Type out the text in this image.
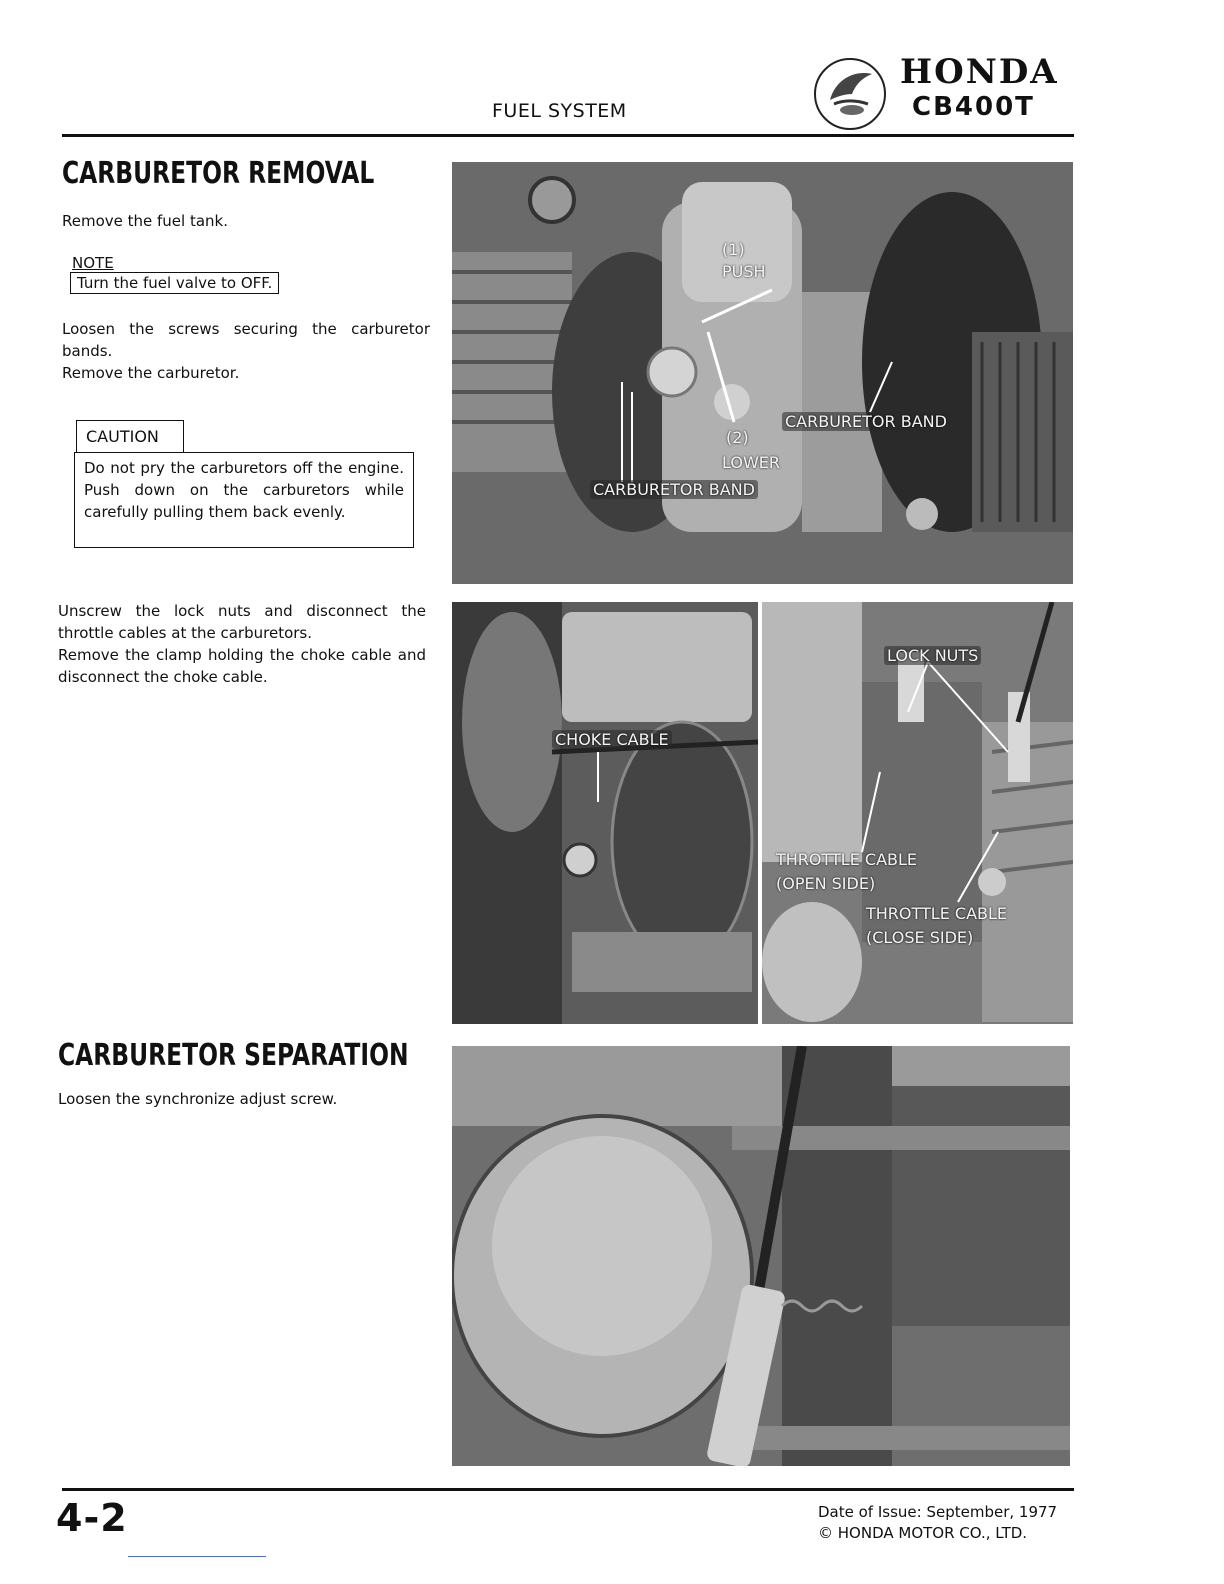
FUEL SYSTEM
HONDA
CB400T
CARBURETOR REMOVAL
Remove the fuel tank.
NOTE
Turn the fuel valve to OFF.
Loosen the screws securing the carburetor bands.
Remove the carburetor.
CAUTION
Do not pry the carburetors off the engine. Push down on the carburetors while carefully pulling them back evenly.
Unscrew the lock nuts and disconnect the throttle cables at the carburetors.
Remove the clamp holding the choke cable and disconnect the choke cable.
(1)
PUSH
CARBURETOR BAND
(2)
LOWER
CARBURETOR BAND
CHOKE CABLE
LOCK NUTS
THROTTLE CABLE
(OPEN SIDE)
THROTTLE CABLE
(CLOSE SIDE)
CARBURETOR SEPARATION
Loosen the synchronize adjust screw.
4-2	Date of Issue: September, 1977
© HONDA MOTOR CO., LTD.
